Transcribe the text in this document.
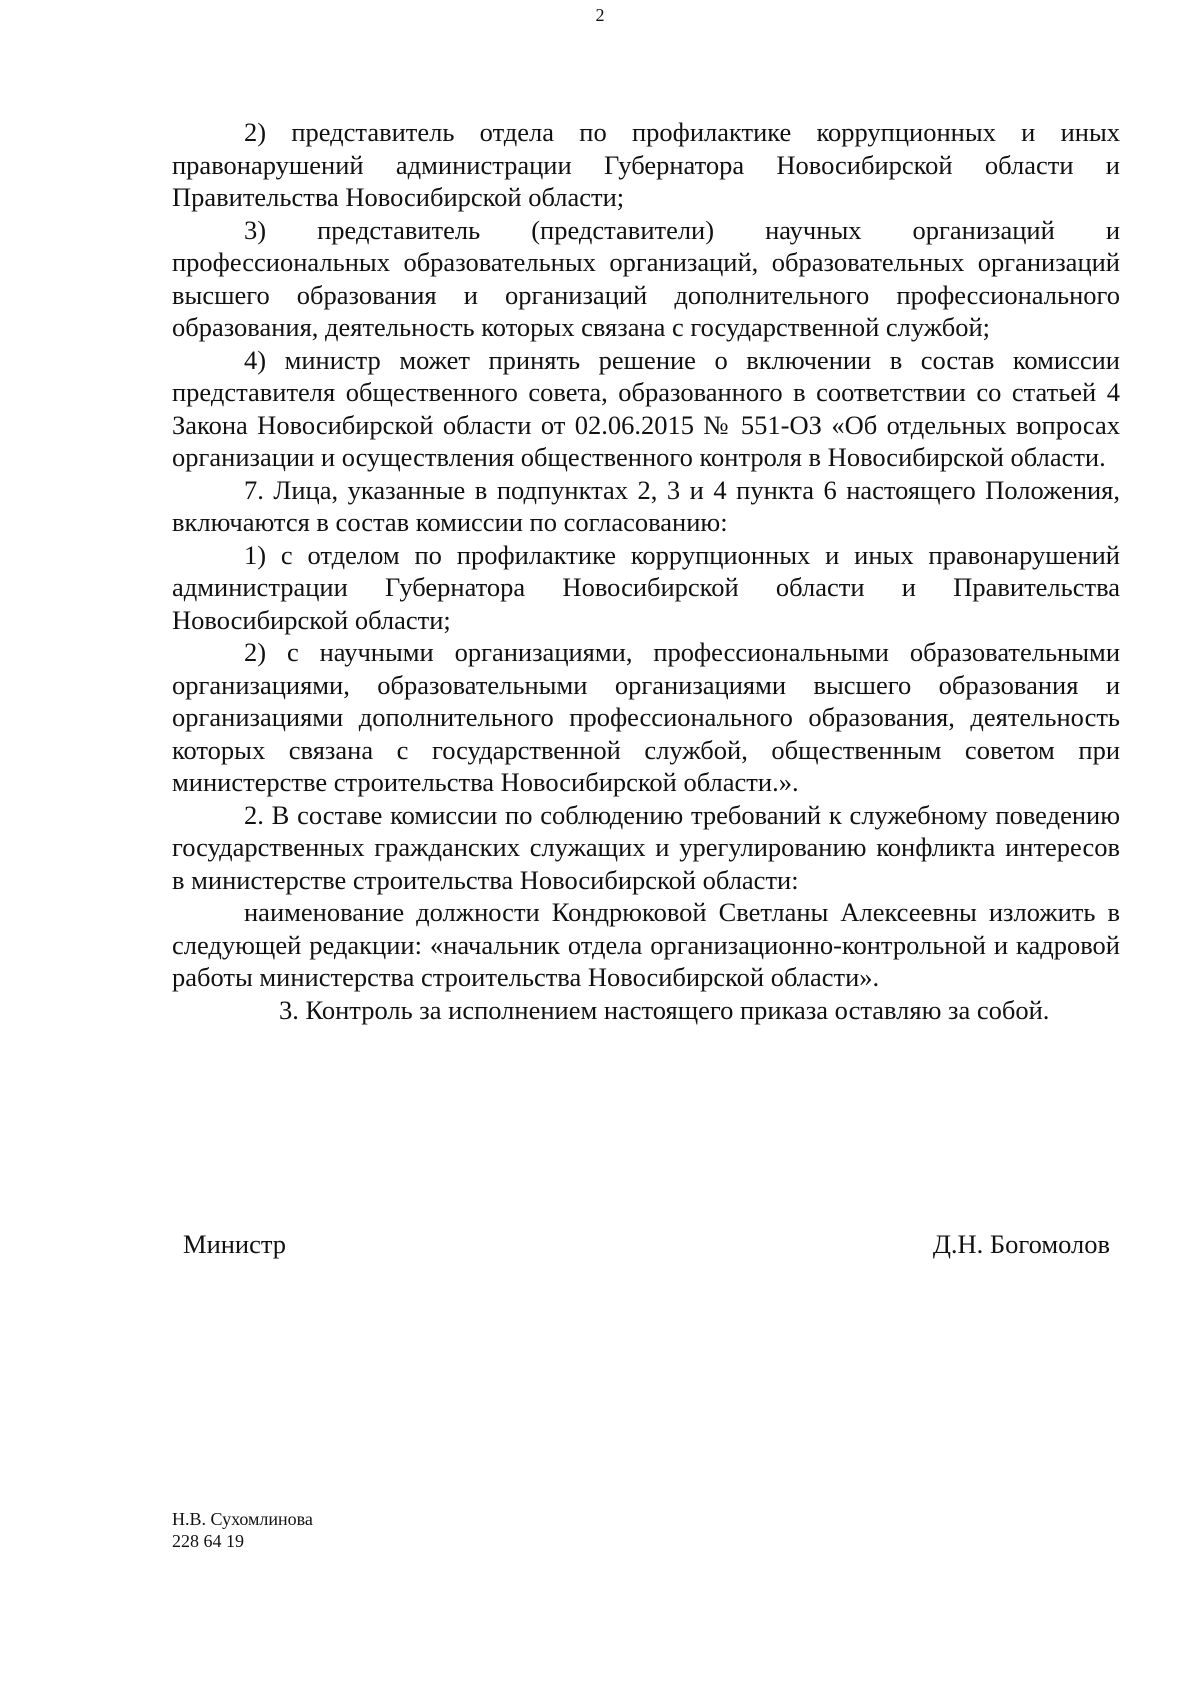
2

2) представитель отдела по профилактике коррупционных и иных правонарушений администрации Губернатора Новосибирской области и Правительства Новосибирской области;

3) представитель (представители) научных организаций и профессиональных образовательных организаций, образовательных организаций высшего образования и организаций дополнительного профессионального образования, деятельность которых связана с государственной службой;

4) министр может принять решение о включении в состав комиссии представителя общественного совета, образованного в соответствии со статьей 4 Закона Новосибирской области от 02.06.2015 № 551-ОЗ «Об отдельных вопросах организации и осуществления общественного контроля в Новосибирской области.

7. Лица, указанные в подпунктах 2, 3 и 4 пункта 6 настоящего Положения, включаются в состав комиссии по согласованию:

1) с отделом по профилактике коррупционных и иных правонарушений администрации Губернатора Новосибирской области и Правительства Новосибирской области;

2) с научными организациями, профессиональными образовательными организациями, образовательными организациями высшего образования и организациями дополнительного профессионального образования, деятельность которых связана с государственной службой, общественным советом при министерстве строительства Новосибирской области.».

2. В составе комиссии по соблюдению требований к служебному поведению государственных гражданских служащих и урегулированию конфликта интересов в министерстве строительства Новосибирской области:

наименование должности Кондрюковой Светланы Алексеевны изложить в следующей редакции: «начальник отдела организационно-контрольной и кадровой работы министерства строительства Новосибирской области».

3. Контроль за исполнением настоящего приказа оставляю за собой.

Министр	Д.Н. Богомолов
Н.В. Сухомлинова
228 64 19
